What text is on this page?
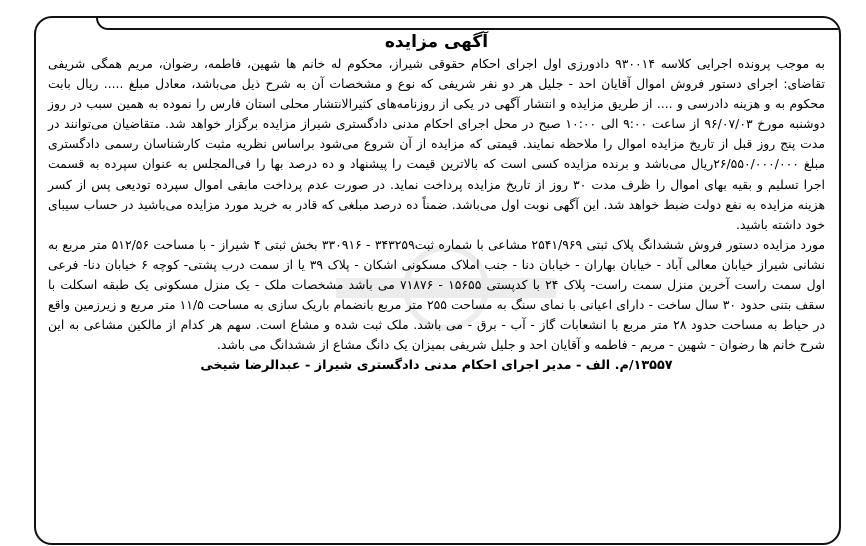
آگهی مزایده

به موجب پرونده اجرایی کلاسه ۹۳۰۰۱۴ دادورزی اول اجرای احکام حقوقی شیراز، محکوم له خانم ها شهین، فاطمه، رضوان، مریم همگی شریفی تقاضای: اجرای دستور فروش اموال آقایان احد - جلیل هر دو نفر شریفی که نوع و مشخصات آن به شرح ذیل می‌باشد، معادل مبلغ ..... ریال بابت محکوم به و هزینه دادرسی و .... از طریق مزایده و انتشار آگهی در یکی از روزنامه‌های کثیرالانتشار محلی استان فارس را نموده به همین سبب در روز دوشنبه مورخ ۹۶/۰۷/۰۳ از ساعت ۹:۰۰ الی ۱۰:۰۰ صبح در محل اجرای احکام مدنی دادگستری شیراز مزایده برگزار خواهد شد. متقاضیان می‌توانند در مدت پنج روز قبل از تاریخ مزایده اموال را ملاحظه نمایند. قیمتی که مزایده از آن شروع می‌شود براساس نظریه مثبت کارشناسان رسمی دادگستری مبلغ ۲۶/۵۵۰/۰۰۰/۰۰۰ریال می‌باشد و برنده مزایده کسی است که بالاترین قیمت را پیشنهاد و ده درصد بها را فی‌المجلس به عنوان سپرده به قسمت اجرا تسلیم و بقیه بهای اموال را ظرف مدت ۳۰ روز از تاریخ مزایده پرداخت نماید. در صورت عدم پرداخت مابقی اموال سپرده تودیعی پس از کسر هزینه مزایده به نفع دولت ضبط خواهد شد. این آگهی نوبت اول می‌باشد. ضمناً ده درصد مبلغی که قادر به خرید مورد مزایده می‌باشید در حساب سیبای خود داشته باشید.

مورد مزایده دستور فروش ششدانگ پلاک ثبتی ۲۵۴۱/۹۶۹ مشاعی با شماره ثبت۳۴۳۲۵۹ - ۳۳۰۹۱۶ بخش ثبتی ۴ شیراز - با مساحت ۵۱۲/۵۶ متر مربع به نشانی شیراز خیابان معالی آباد - خیابان بهاران - خیابان دنا - جنب املاک مسکونی اشکان - پلاک ۳۹ یا از سمت درب پشتی- کوچه ۶ خیابان دنا- فرعی اول سمت راست آخرین منزل سمت راست- پلاک ۲۴ با کدپستی ۱۵۶۵۵ - ۷۱۸۷۶ می باشد مشخصات ملک - یک منزل مسکونی یک طبقه اسکلت با سقف بتنی حدود ۳۰ سال ساخت - دارای اعیانی با نمای سنگ به مساحت ۲۵۵ متر مربع بانضمام باریک سازی به مساحت ۱۱/۵ متر مربع و زیرزمین واقع در حیاط به مساحت حدود ۲۸ متر مربع با انشعابات گاز - آب - برق - می باشد. ملک ثبت شده و مشاع است. سهم هر کدام از مالکین مشاعی به این شرح خانم ها رضوان - شهین - مریم - فاطمه و آقایان احد و جلیل شریفی بمیزان یک دانگ مشاع از ششدانگ می باشد.

۱۳۵۵۷/م. الف - مدیر اجرای احکام مدنی دادگستری شیراز - عبدالرضا شیخی
